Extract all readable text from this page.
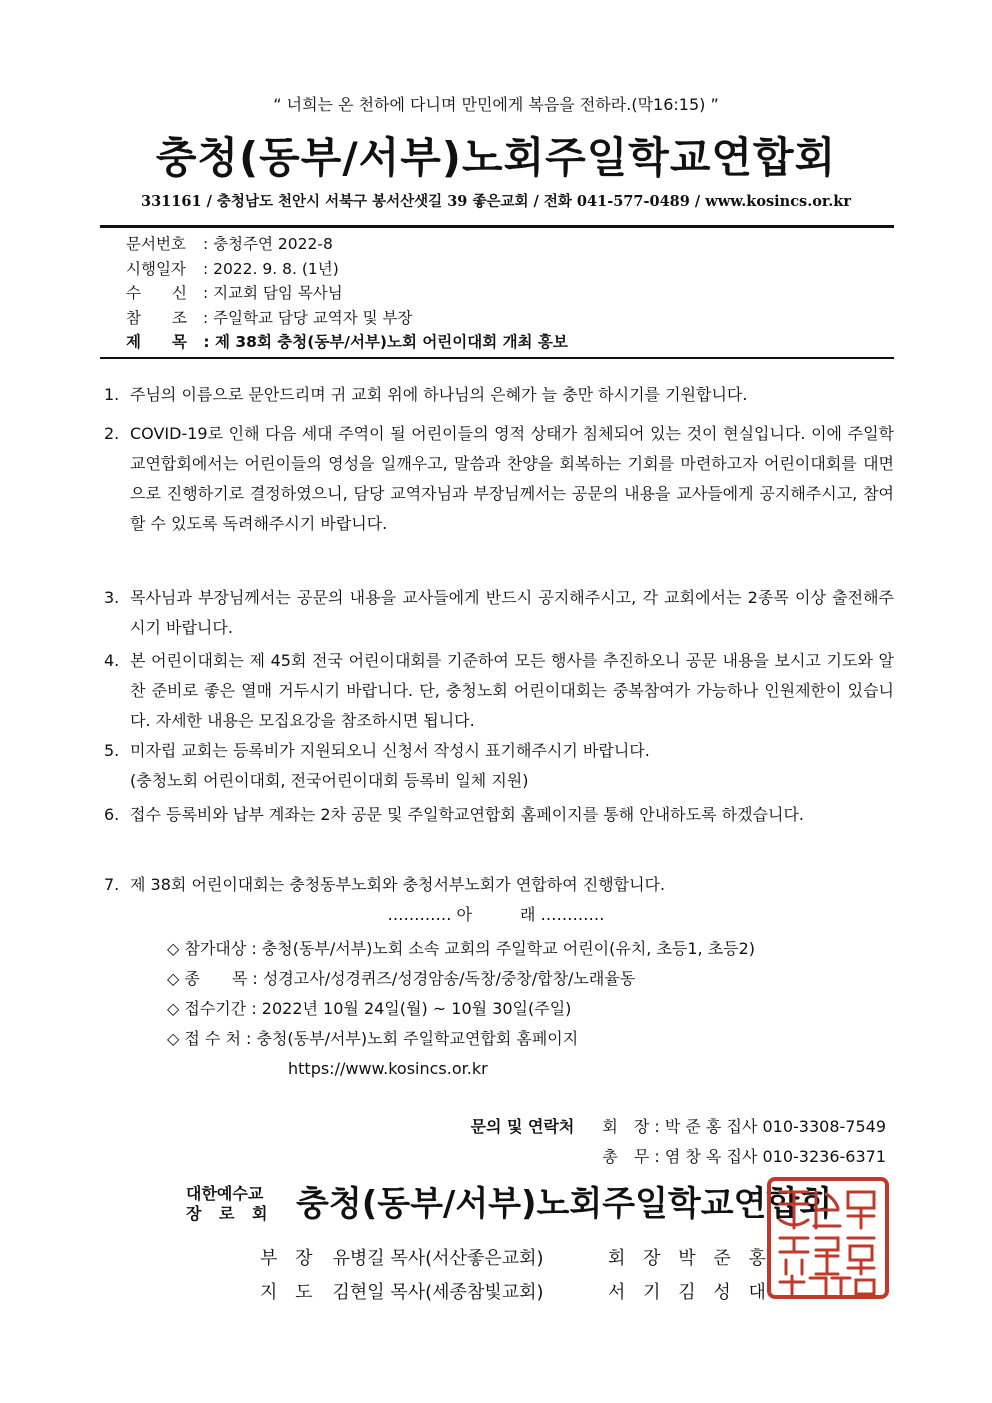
“ 너희는 온 천하에 다니며 만민에게 복음을 전하라.(막16:15) ”
충청(동부/서부)노회주일학교연합회
331161 / 충청남도 천안시 서북구 봉서산샛길 39 좋은교회 / 전화 041-577-0489 / www.kosincs.or.kr
문서번호 : 충청주연 2022-8
시행일자 : 2022. 9. 8. (1년)
수　　신 : 지교회 담임 목사님
참　　조 : 주일학교 담당 교역자 및 부장
제　　목 : 제 38회 충청(동부/서부)노회 어린이대회 개최 홍보
1. 주님의 이름으로 문안드리며 귀 교회 위에 하나님의 은혜가 늘 충만 하시기를 기원합니다.
2. COVID-19로 인해 다음 세대 주역이 될 어린이들의 영적 상태가 침체되어 있는 것이 현실입니다. 이에 주일학교연합회에서는 어린이들의 영성을 일깨우고, 말씀과 찬양을 회복하는 기회를 마련하고자 어린이대회를 대면으로 진행하기로 결정하였으니, 담당 교역자님과 부장님께서는 공문의 내용을 교사들에게 공지해주시고, 참여할 수 있도록 독려해주시기 바랍니다.
3. 목사님과 부장님께서는 공문의 내용을 교사들에게 반드시 공지해주시고, 각 교회에서는 2종목 이상 출전해주시기 바랍니다.
4. 본 어린이대회는 제 45회 전국 어린이대회를 기준하여 모든 행사를 추진하오니 공문 내용을 보시고 기도와 알찬 준비로 좋은 열매 거두시기 바랍니다. 단, 충청노회 어린이대회는 중복참여가 가능하나 인원제한이 있습니다. 자세한 내용은 모집요강을 참조하시면 됩니다.
5. 미자립 교회는 등록비가 지원되오니 신청서 작성시 표기해주시기 바랍니다.
(충청노회 어린이대회, 전국어린이대회 등록비 일체 지원)
6. 접수 등록비와 납부 계좌는 2차 공문 및 주일학교연합회 홈페이지를 통해 안내하도록 하겠습니다.
7. 제 38회 어린이대회는 충청동부노회와 충청서부노회가 연합하여 진행합니다.
………… 아　　　래 …………
◇ 참가대상 : 충청(동부/서부)노회 소속 교회의 주일학교 어린이(유치, 초등1, 초등2)
◇ 종　　목 : 성경고사/성경퀴즈/성경암송/독창/중창/합창/노래율동
◇ 접수기간 : 2022년 10월 24일(월) ~ 10월 30일(주일)
◇ 접 수 처 : 충청(동부/서부)노회 주일학교연합회 홈페이지
https://www.kosincs.or.kr
문의 및 연락처 회　장 : 박 준 홍 집사 010-3308-7549
총　무 : 염 창 옥 집사 010-3236-6371
대한예수교
장 로 회 충청(동부/서부)노회주일학교연합회
부 장 유병길 목사(서산좋은교회)	회 장 박 준 홍
지 도 김현일 목사(세종참빛교회)	서 기 김 성 대
